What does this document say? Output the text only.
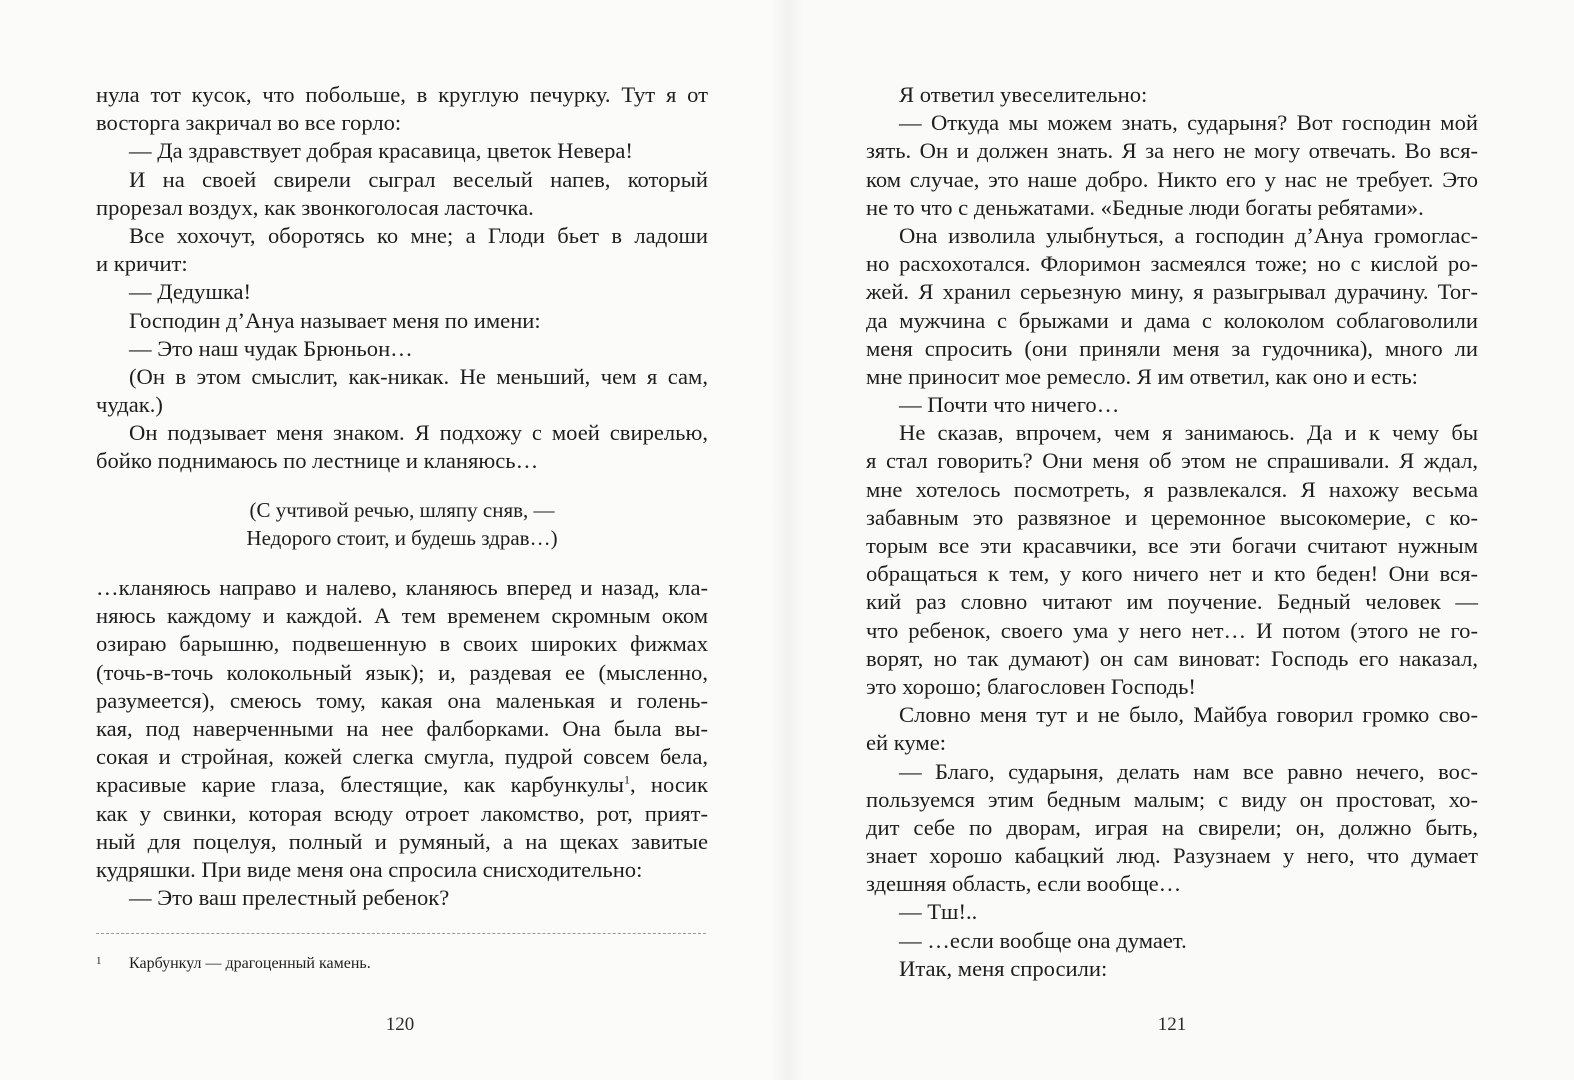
нула тот кусок, что побольше, в круглую печурку. Тут я от
восторга закричал во все горло:
— Да здравствует добрая красавица, цветок Невера!
И на своей свирели сыграл веселый напев, который
прорезал воздух, как звонкоголосая ласточка.
Все хохочут, оборотясь ко мне; а Глоди бьет в ладоши
и кричит:
— Дедушка!
Господин д’Ануа называет меня по имени:
— Это наш чудак Брюньон…
(Он в этом смыслит, как-никак. Не меньший, чем я сам,
чудак.)
Он подзывает меня знаком. Я подхожу с моей свирелью,
бойко поднимаюсь по лестнице и кланяюсь…
(С учтивой речью, шляпу сняв, —
Недорого стоит, и будешь здрав…)
…кланяюсь направо и налево, кланяюсь вперед и назад, кла-
няюсь каждому и каждой. А тем временем скромным оком
озираю барышню, подвешенную в своих широких фижмах
(точь-в-точь колокольный язык); и, раздевая ее (мысленно,
разумеется), смеюсь тому, какая она маленькая и голень-
кая, под наверченными на нее фалборками. Она была вы-
сокая и стройная, кожей слегка смугла, пудрой совсем бела,
красивые карие глаза, блестящие, как карбункулы$^1$, носик
как у свинки, которая всюду отроет лакомство, рот, прият-
ный для поцелуя, полный и румяный, а на щеках завитые
кудряшки. При виде меня она спросила снисходительно:
— Это ваш прелестный ребенок?
1 Карбункул — драгоценный камень.
120
Я ответил увеселительно:
— Откуда мы можем знать, сударыня? Вот господин мой
зять. Он и должен знать. Я за него не могу отвечать. Во вся-
ком случае, это наше добро. Никто его у нас не требует. Это
не то что с деньжатами. «Бедные люди богаты ребятами».
Она изволила улыбнуться, а господин д’Ануа громоглас-
но расхохотался. Флоримон засмеялся тоже; но с кислой ро-
жей. Я хранил серьезную мину, я разыгрывал дурачину. Тог-
да мужчина с брыжами и дама с колоколом соблаговолили
меня спросить (они приняли меня за гудочника), много ли
мне приносит мое ремесло. Я им ответил, как оно и есть:
— Почти что ничего…
Не сказав, впрочем, чем я занимаюсь. Да и к чему бы
я стал говорить? Они меня об этом не спрашивали. Я ждал,
мне хотелось посмотреть, я развлекался. Я нахожу весьма
забавным это развязное и церемонное высокомерие, с ко-
торым все эти красавчики, все эти богачи считают нужным
обращаться к тем, у кого ничего нет и кто беден! Они вся-
кий раз словно читают им поучение. Бедный человек —
что ребенок, своего ума у него нет… И потом (этого не го-
ворят, но так думают) он сам виноват: Господь его наказал,
это хорошо; благословен Господь!
Словно меня тут и не было, Майбуа говорил громко сво-
ей куме:
— Благо, сударыня, делать нам все равно нечего, вос-
пользуемся этим бедным малым; с виду он простоват, хо-
дит себе по дворам, играя на свирели; он, должно быть,
знает хорошо кабацкий люд. Разузнаем у него, что думает
здешняя область, если вообще…
— Тш!..
— …если вообще она думает.
Итак, меня спросили:
121
